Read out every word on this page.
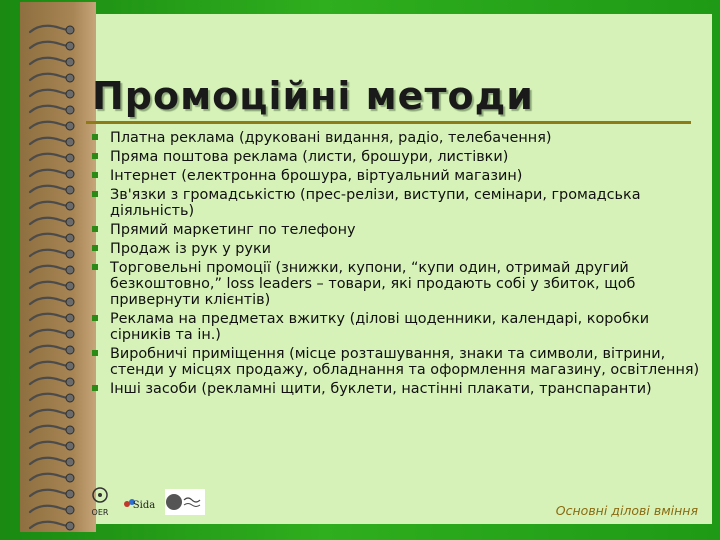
Промоційні методи
Платна реклама (друковані видання, радіо, телебачення)
Пряма поштова реклама (листи, брошури, листівки)
Інтернет (електронна брошура, віртуальний магазин)
Зв'язки з громадськістю (прес-релізи, виступи, семінари, громадська діяльність)
Прямий маркетинг по телефону
Продаж із рук у руки
Торговельні промоції (знижки, купони, “купи один, отримай другий безкоштовно,” loss leaders – товари, які продають собі у збиток, щоб привернути клієнтів)
Реклама на предметах вжитку (ділові щоденники, календарі, коробки сірників та ін.)
Виробничі приміщення (місце розташування, знаки та символи, вітрини, стенди у місцях продажу, обладнання та оформлення магазину, освітлення)
Інші засоби (рекламні щити, буклети, настінні плакати, транспаранти)
OER
Sida	Основні ділові вміння
